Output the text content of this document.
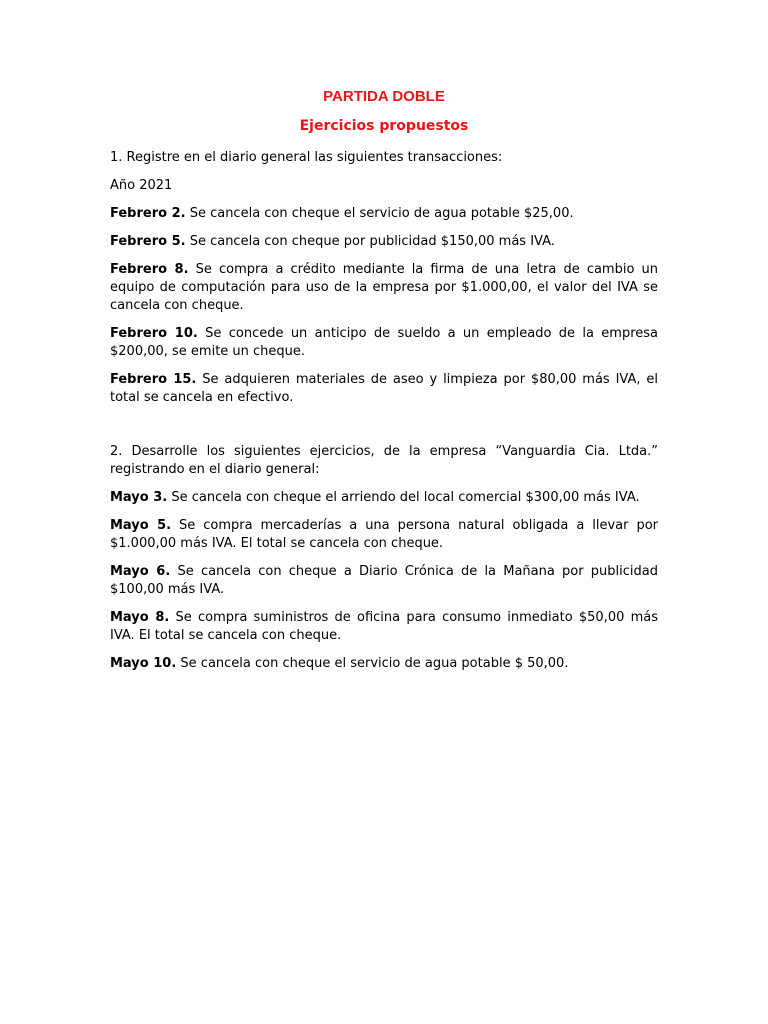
PARTIDA DOBLE
Ejercicios propuestos

1. Registre en el diario general las siguientes transacciones:

Año 2021

Febrero 2. Se cancela con cheque el servicio de agua potable $25,00.

Febrero 5. Se cancela con cheque por publicidad $150,00 más IVA.

Febrero 8. Se compra a crédito mediante la firma de una letra de cambio un equipo de computación para uso de la empresa por $1.000,00, el valor del IVA se cancela con cheque.

Febrero 10. Se concede un anticipo de sueldo a un empleado de la empresa $200,00, se emite un cheque.

Febrero 15. Se adquieren materiales de aseo y limpieza por $80,00 más IVA, el total se cancela en efectivo.

2. Desarrolle los siguientes ejercicios, de la empresa “Vanguardia Cia. Ltda.” registrando en el diario general:

Mayo 3. Se cancela con cheque el arriendo del local comercial $300,00 más IVA.

Mayo 5. Se compra mercaderías a una persona natural obligada a llevar por $1.000,00 más IVA. El total se cancela con cheque.

Mayo 6. Se cancela con cheque a Diario Crónica de la Mañana por publicidad $100,00 más IVA.

Mayo 8. Se compra suministros de oficina para consumo inmediato $50,00 más IVA. El total se cancela con cheque.

Mayo 10. Se cancela con cheque el servicio de agua potable $ 50,00.
